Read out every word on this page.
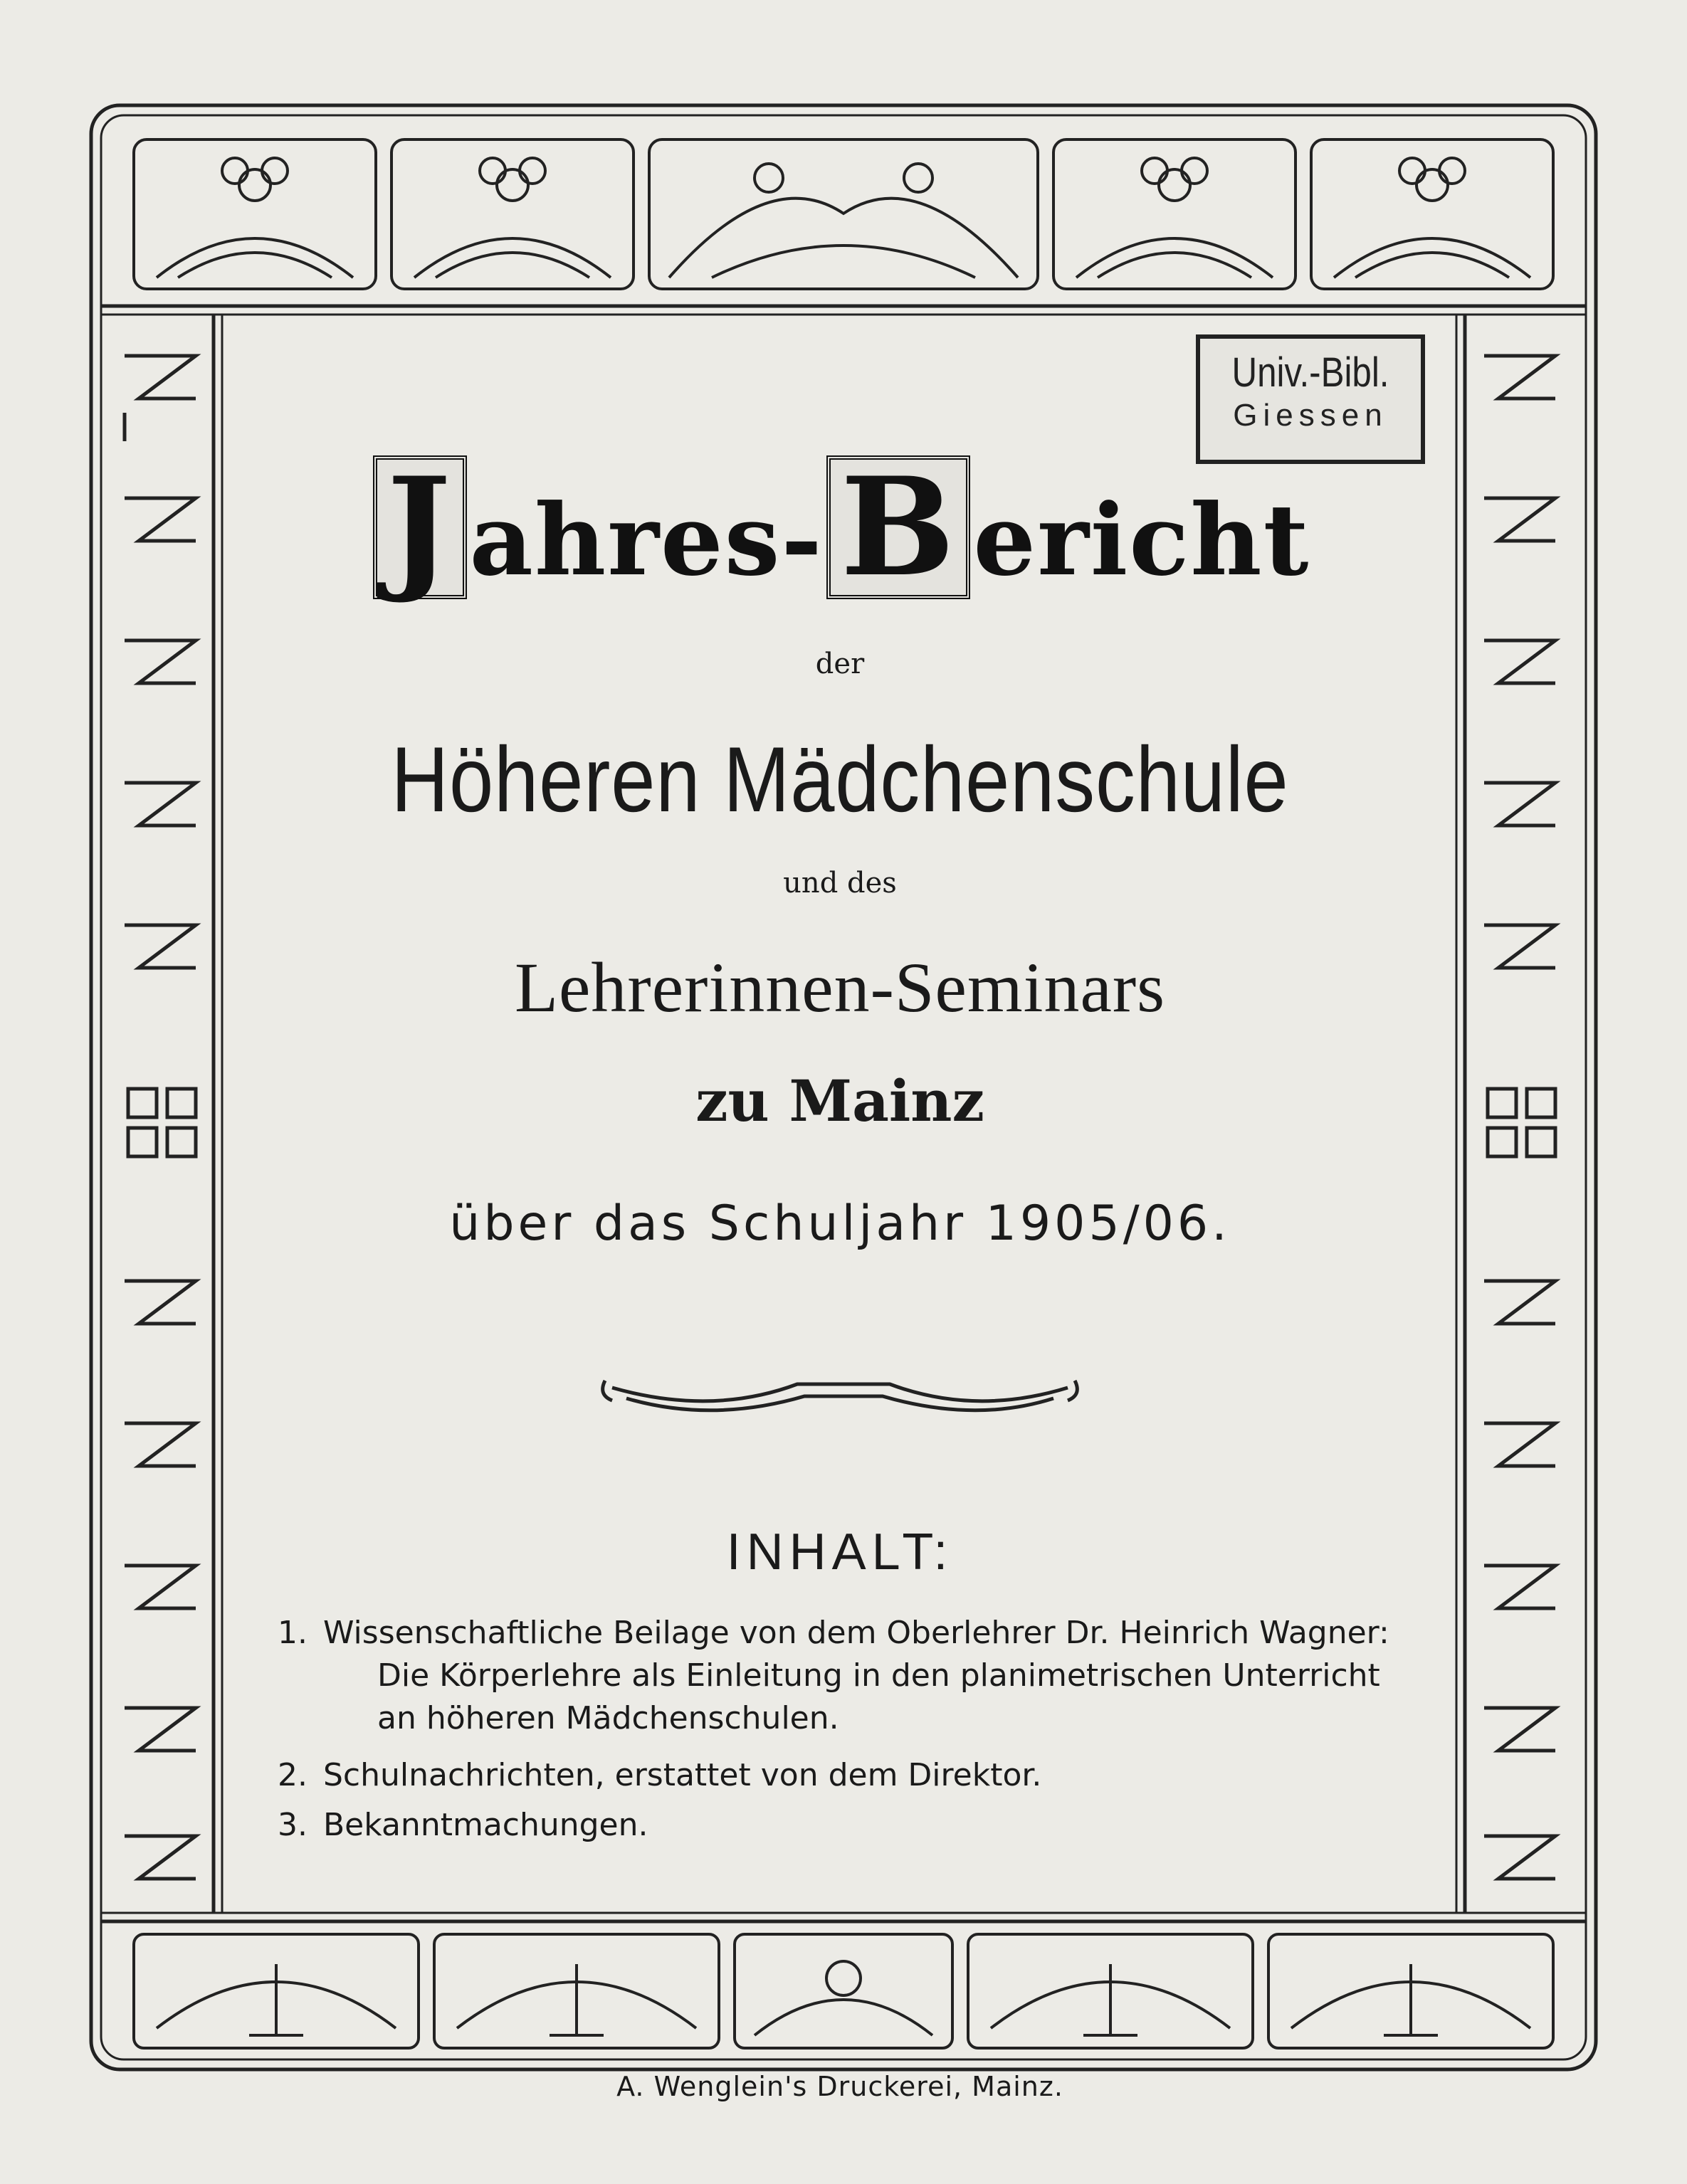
Univ.-Bibl.
Giessen
J ahres- B ericht
der
Höheren Mädchenschule
und des
Lehrerinnen-Seminars
zu Mainz
über das Schuljahr 1905/06.
INHALT:
1. Wissenschaftliche Beilage von dem Oberlehrer Dr. Heinrich Wagner:
Die Körperlehre als Einleitung in den planimetrischen Unterricht
an höheren Mädchenschulen.
2. Schulnachrichten, erstattet von dem Direktor.
3. Bekanntmachungen.
A. Wenglein's Druckerei, Mainz.
